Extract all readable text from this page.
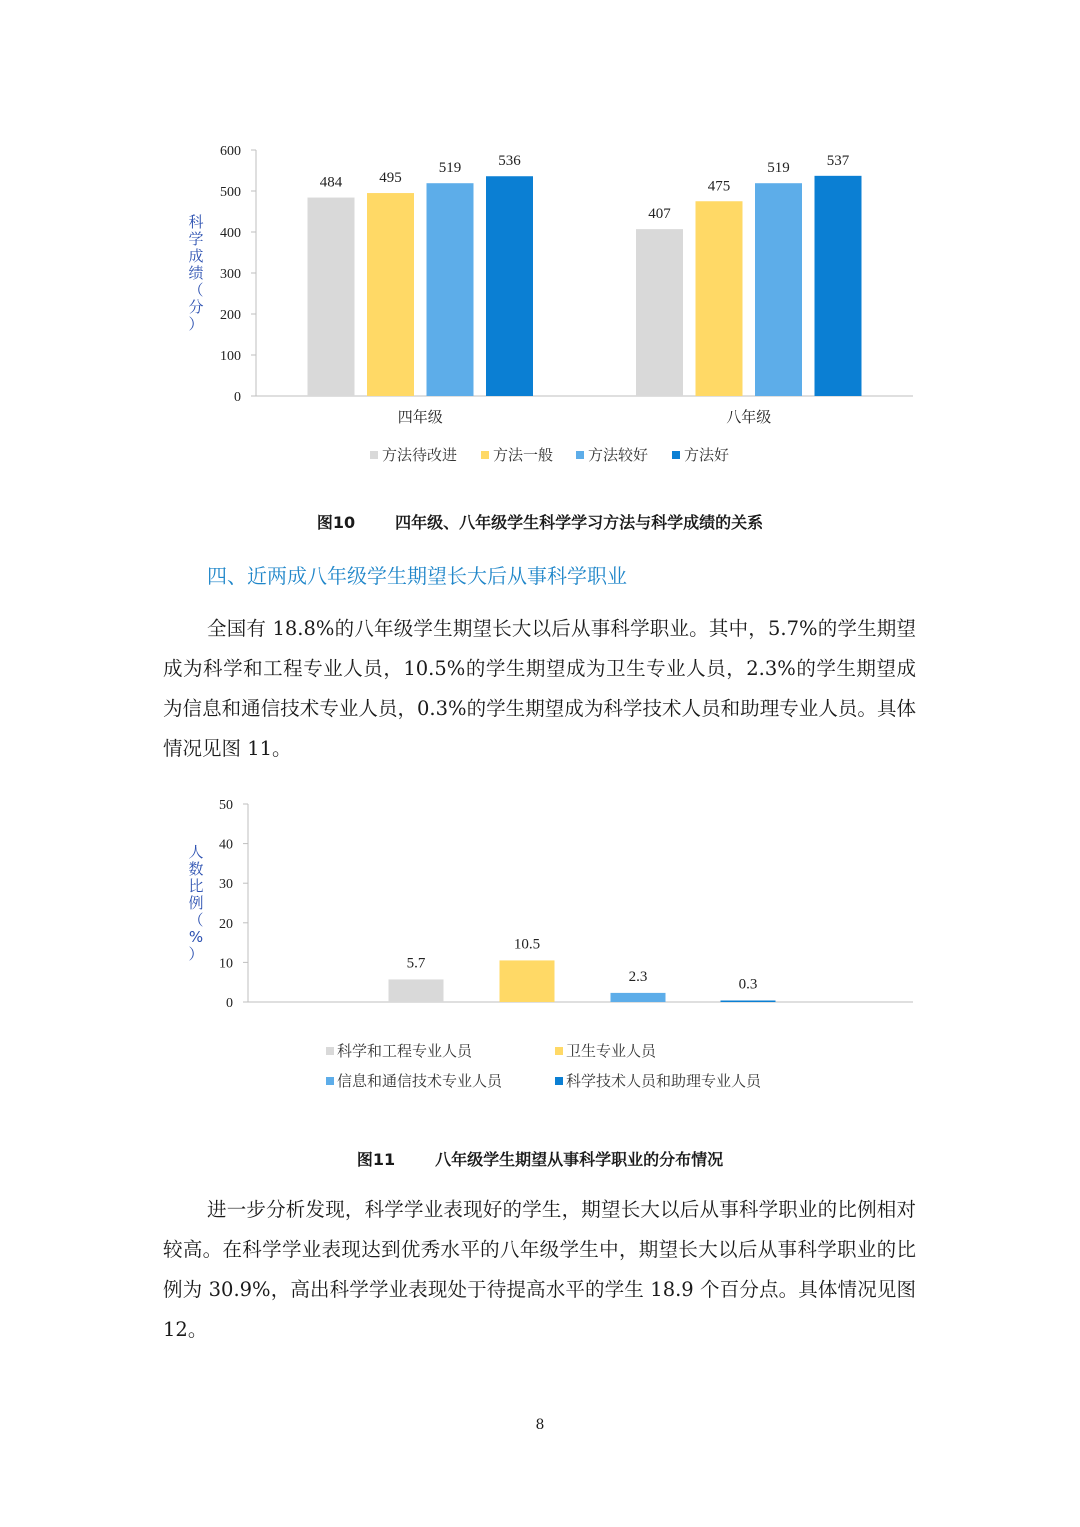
0
100
200
300
400
500
600
484 495
519 536
四年级
407
475
519 537
八年级
科
学
成
绩
（
分
）
方法待改进 方法一般 方法较好 方法好
图10	四年级、八年级学生科学学习方法与科学成绩的关系
四、近两成八年级学生期望长大后从事科学职业

全国有 18.8%的八年级学生期望长大以后从事科学职业。其中，5.7%的学生期望成为科学和工程专业人员，10.5%的学生期望成为卫生专业人员，2.3%的学生期望成为信息和通信技术专业人员，0.3%的学生期望成为科学技术人员和助理专业人员。具体情况见图 11。

0
10
20
30
40
50
5.7
10.5
2.3	0.3
人
数
比
例
（
%
）
科学和工程专业人员	卫生专业人员
信息和通信技术专业人员	科学技术人员和助理专业人员
图11	八年级学生期望从事科学职业的分布情况

进一步分析发现，科学学业表现好的学生，期望长大以后从事科学职业的比例相对较高。在科学学业表现达到优秀水平的八年级学生中，期望长大以后从事科学职业的比例为 30.9%，高出科学学业表现处于待提高水平的学生 18.9 个百分点。具体情况见图 12。

8
